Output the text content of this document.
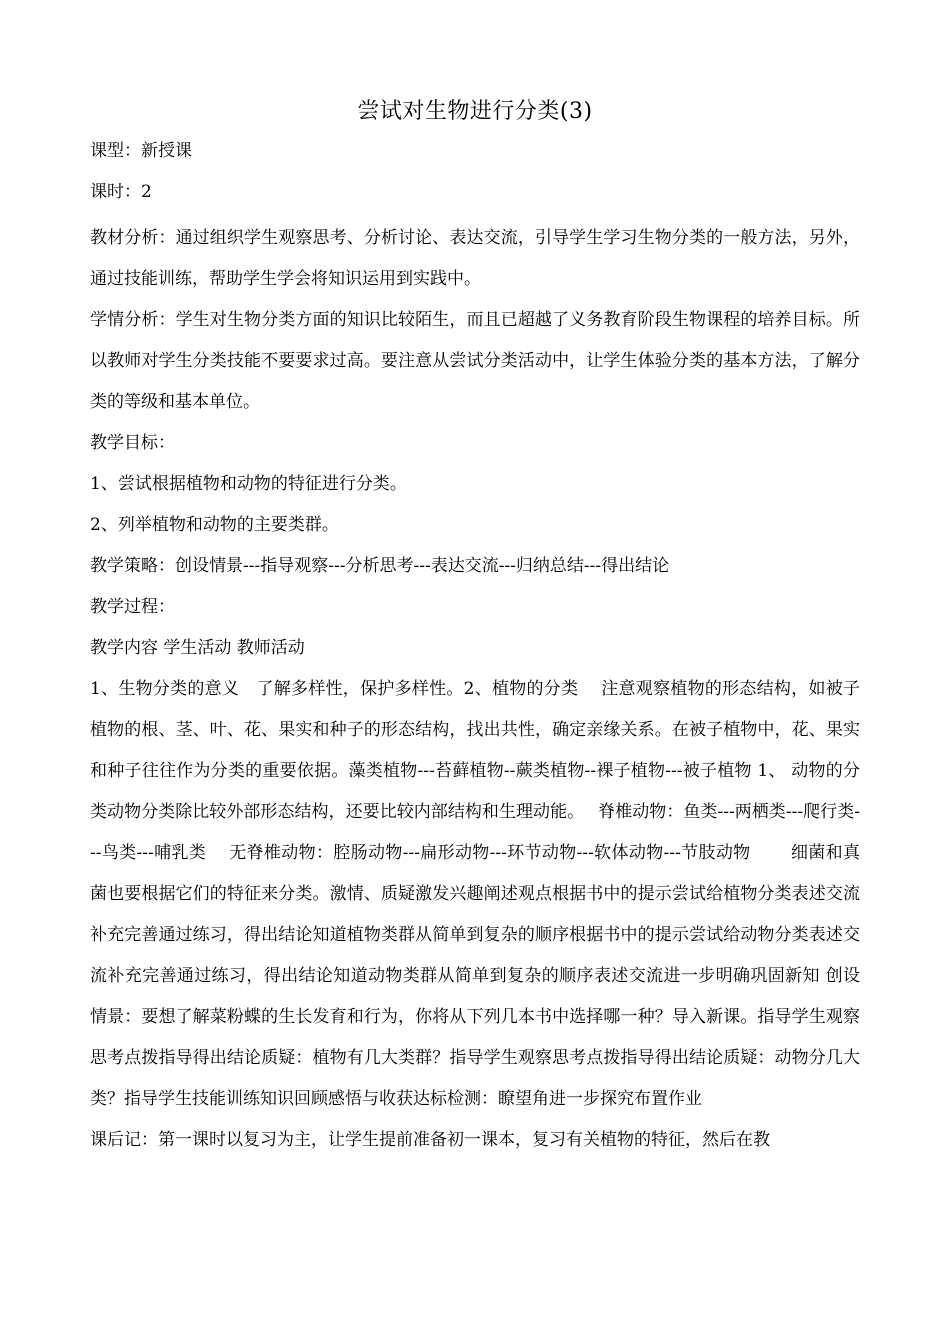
尝试对生物进行分类(3)

课型：新授课

课时：2

教材分析：通过组织学生观察思考、分析讨论、表达交流，引导学生学习生物分类的一般方法，另外，通过技能训练，帮助学生学会将知识运用到实践中。

学情分析：学生对生物分类方面的知识比较陌生，而且已超越了义务教育阶段生物课程的培养目标。所以教师对学生分类技能不要要求过高。要注意从尝试分类活动中，让学生体验分类的基本方法，了解分类的等级和基本单位。

教学目标：

1、尝试根据植物和动物的特征进行分类。

2、列举植物和动物的主要类群。

教学策略：创设情景---指导观察---分析思考---表达交流---归纳总结---得出结论

教学过程：

教学内容 学生活动 教师活动

1、生物分类的意义　了解多样性，保护多样性。2、植物的分类　 注意观察植物的形态结构，如被子植物的根、茎、叶、花、果实和种子的形态结构，找出共性，确定亲缘关系。在被子植物中，花、果实和种子往往作为分类的重要依据。藻类植物---苔藓植物--蕨类植物--裸子植物---被子植物 1、 动物的分类动物分类除比较外部形态结构，还要比较内部结构和生理动能。　 脊椎动物：鱼类---两栖类---爬行类---鸟类---哺乳类　 无脊椎动物：腔肠动物---扁形动物---环节动物---软体动物---节肢动物　　 细菌和真菌也要根据它们的特征来分类。激情、质疑激发兴趣阐述观点根据书中的提示尝试给植物分类表述交流补充完善通过练习，得出结论知道植物类群从简单到复杂的顺序根据书中的提示尝试给动物分类表述交流补充完善通过练习，得出结论知道动物类群从简单到复杂的顺序表述交流进一步明确巩固新知 创设情景：要想了解菜粉蝶的生长发育和行为，你将从下列几本书中选择哪一种？导入新课。指导学生观察思考点拨指导得出结论质疑：植物有几大类群？指导学生观察思考点拨指导得出结论质疑：动物分几大类？指导学生技能训练知识回顾感悟与收获达标检测：瞭望角进一步探究布置作业

课后记：第一课时以复习为主，让学生提前准备初一课本，复习有关植物的特征，然后在教
